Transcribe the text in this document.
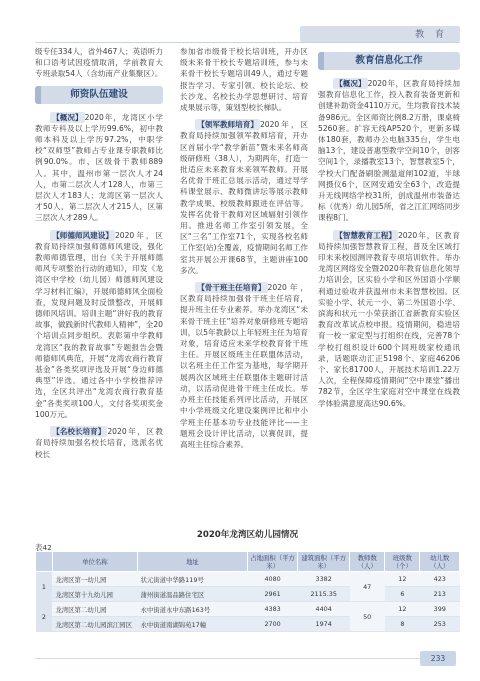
教 育

级专任334人，省外467人；英语听力和口语考试因疫情取消，学前教育大专班录取54人（含幼南产业集聚区）。

师资队伍建设

【概况】 2020年，龙湾区小学教师专科及以上学历99.6%，初中教师本科及以上学历97.2%，中职学校“双师型”教师占专业课专职教师比例90.0%。市、区级骨干教师889人。其中，温州市第一层次人才24人，市第二层次人才128人，市第三层次人才183人；龙湾区第一层次人才50人，第二层次人才215人，区第三层次人才289人。

【师德师风建设】 2020年，区教育局持续加强师德师风建设，强化教师师德管理，出台《关于开展师德师风专项整治行动的通知》，印发《龙湾区中学校（幼儿园）师德师风建设学习材料汇编》，开展师德师风全面检查，发现问题及时反馈整改，开展师德师风培训。培训主题“讲好我的教育故事，做践新时代教师人精神”，全20个培训点同步组织。表彰第中学教师龙湾区“我的教育故事”专题报告会暨师德师风典范，开展“龙湾农商行教育基金”各类奖项评选及开展“身边师德典型”评选。通过各中小学校推荐评选，全区共评出“龙湾农商行教育基金”各类奖项100人，文付各奖项奖金100万元。

【名校长培育】 2020年，区教育局持续加强名校长培育，选派名优校长

参加省市级骨干校长培训班，开办区级未来骨干校长专题培训班，参与未来骨干校长专题培训49人，通过专题报告学习、专家引领、校长论坛、校长沙龙、名校长办学思想研讨、培育成果展示等，策划型校长梯队。

【领军教师培育】 2020年，区教育局持续加强领军教师培育，开办区首届小学“教学新苗”暨未来名师高级研修班（38人），为期两年，打造一批适应未来教育未来领军教师。开展名优骨干班汇总展示活动，通过导学科课堂展示、教师微讲坛等展示教师教学成果、校级教师跟进在评估等。发挥名优骨干教师对区域辐射引领作用。推进名师工作室引领发展，全区“三名”工作室71个，实现各校名师工作室(站)全覆盖，疫情期间名师工作室共开展公开课68节，主题讲座100多次。

【骨干班主任培育】 2020年，区教育局持续加强骨干班主任培育，提升班主任专业素养。举办龙湾区“未来骨干班主任”培养对象研修班专题培训，以5年教龄以上年轻班主任为培育对象，培育适应未来学校教育骨干班主任。开展区级班主任联盟体活动，以名班主任工作室为基地，每学期开展两次区域班主任联盟体主题研讨活动，以活动促进骨干班主任成长。举办班主任技能系列评比活动，开展区中小学班级文化建设案例评比和中小学班主任基本功专业技能评比——主题班会设计评比活动，以赛促训，提高班主任综合素养。

教育信息化工作

【概况】 2020年，区教育局持续加强教育信息化工作，投入教育装备更新和创建补助资金4110万元，生均教育技术装备986元。全区师资比例8.2万册，课桌椅5260套。扩容无线AP520个，更新多媒体180套，教师办公电脑335台，学生电脑13个，建设普惠型教学空间10个，创客空间1个，录播教室13个，智慧教室5个，学校大门配备刷脸测温道闸102道，半球网摄仪6个，区网安通安全63个，改造提升无线网络学校31所，创成温州市装备达标（优秀）幼儿园5所，省之江汇网络同步课程8门。

【智慧教育工程】 2020年，区教育局持续加强智慧教育工程，普及全区域打印未来校园测评教育专项培训软件。举办龙湾区网络安全暨2020年教育信息化领导力培训会，区实验小学和区外国语小学顺利通过验收并获温州市未来智慧校园。区实验小学、状元一小、第二外国语小学、滨海和状元一小荣获浙江省新教育实验区教育改革试点校申报。疫情期间，稳进培育一校一家定型与打组织在线，完善78个学校打组织设计600个同班级家校通讯录，话题联动汇正5198个、家庭46206个、家长81700人，开展技术培训1.22万人次，全程保障疫情期间“空中课堂”播出782节，全区学生家庭对空中课堂在线教学体验满意度高达90.6%。

2020年龙湾区幼儿园情况
表42
	单位名称	地址	占地面积（平方米）	建筑面积（平方米）	教师数（人）	班级数（个）	幼儿数（人）
1	龙湾区第一幼儿园	状元街道中华路119号	4080	3382	47	12	423
	龙湾区第十九幼儿园	蒲州街道温品路住宅区	2961	2115.35		6	213
2	龙湾区第二幼儿园	永中街道永中东路163号	4383	4404	50	12	399
	龙湾区第二幼儿园滨江园区	永中街道南湖锦苑17幢	2700	1974		8	253
233
